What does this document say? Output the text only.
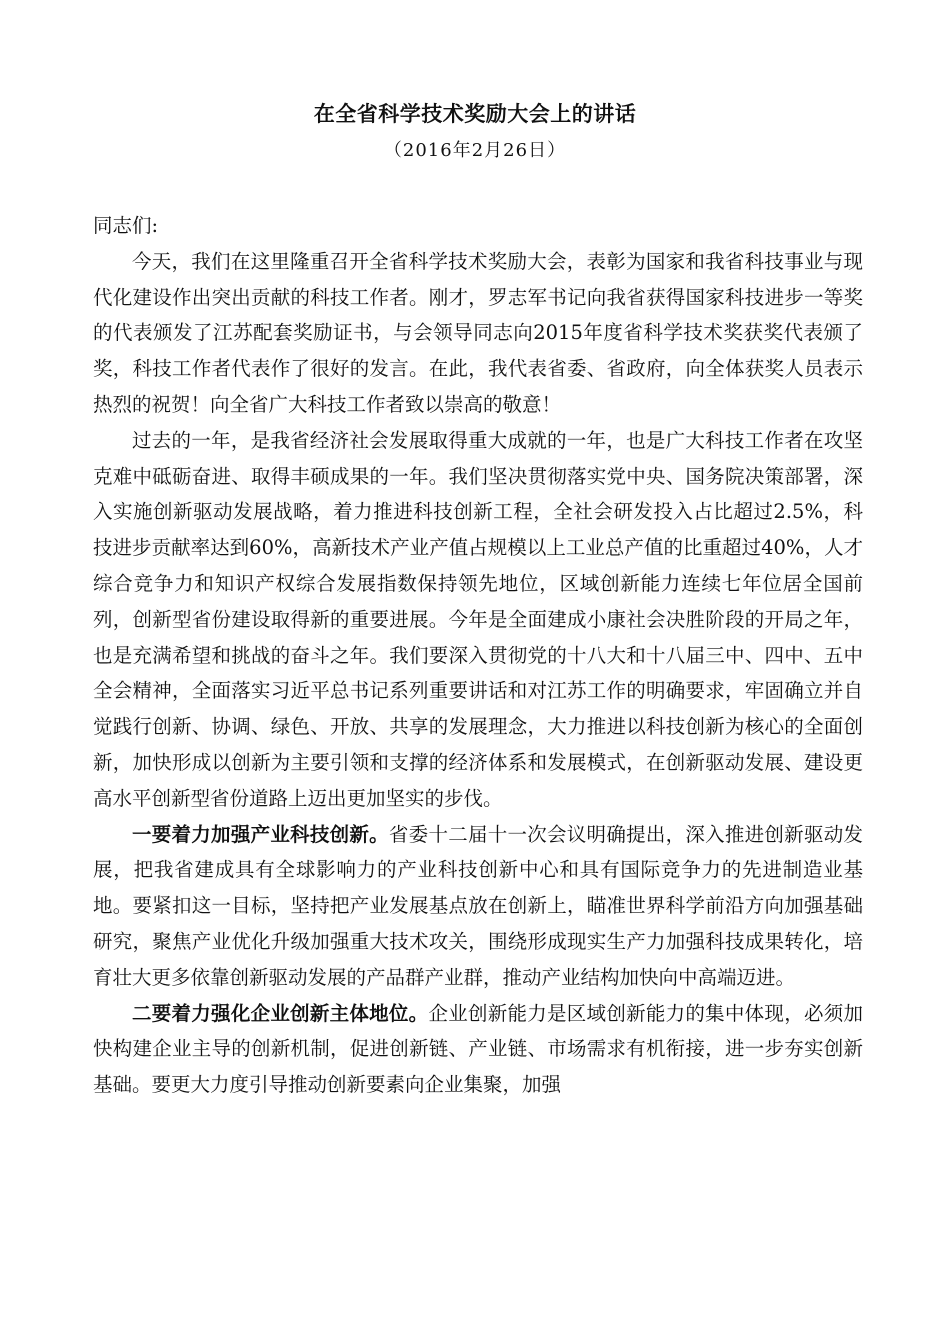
在全省科学技术奖励大会上的讲话
（2016年2月26日）

同志们:

今天，我们在这里隆重召开全省科学技术奖励大会，表彰为国家和我省科技事业与现代化建设作出突出贡献的科技工作者。刚才，罗志军书记向我省获得国家科技进步一等奖的代表颁发了江苏配套奖励证书，与会领导同志向2015年度省科学技术奖获奖代表颁了奖，科技工作者代表作了很好的发言。在此，我代表省委、省政府，向全体获奖人员表示热烈的祝贺！向全省广大科技工作者致以崇高的敬意！

过去的一年，是我省经济社会发展取得重大成就的一年，也是广大科技工作者在攻坚克难中砥砺奋进、取得丰硕成果的一年。我们坚决贯彻落实党中央、国务院决策部署，深入实施创新驱动发展战略，着力推进科技创新工程，全社会研发投入占比超过2.5%，科技进步贡献率达到60%，高新技术产业产值占规模以上工业总产值的比重超过40%，人才综合竞争力和知识产权综合发展指数保持领先地位，区域创新能力连续七年位居全国前列，创新型省份建设取得新的重要进展。今年是全面建成小康社会决胜阶段的开局之年，也是充满希望和挑战的奋斗之年。我们要深入贯彻党的十八大和十八届三中、四中、五中全会精神，全面落实习近平总书记系列重要讲话和对江苏工作的明确要求，牢固确立并自觉践行创新、协调、绿色、开放、共享的发展理念，大力推进以科技创新为核心的全面创新，加快形成以创新为主要引领和支撑的经济体系和发展模式，在创新驱动发展、建设更高水平创新型省份道路上迈出更加坚实的步伐。

一要着力加强产业科技创新。省委十二届十一次会议明确提出，深入推进创新驱动发展，把我省建成具有全球影响力的产业科技创新中心和具有国际竞争力的先进制造业基地。要紧扣这一目标，坚持把产业发展基点放在创新上，瞄准世界科学前沿方向加强基础研究，聚焦产业优化升级加强重大技术攻关，围绕形成现实生产力加强科技成果转化，培育壮大更多依靠创新驱动发展的产品群产业群，推动产业结构加快向中高端迈进。

二要着力强化企业创新主体地位。企业创新能力是区域创新能力的集中体现，必须加快构建企业主导的创新机制，促进创新链、产业链、市场需求有机衔接，进一步夯实创新基础。要更大力度引导推动创新要素向企业集聚，加强
